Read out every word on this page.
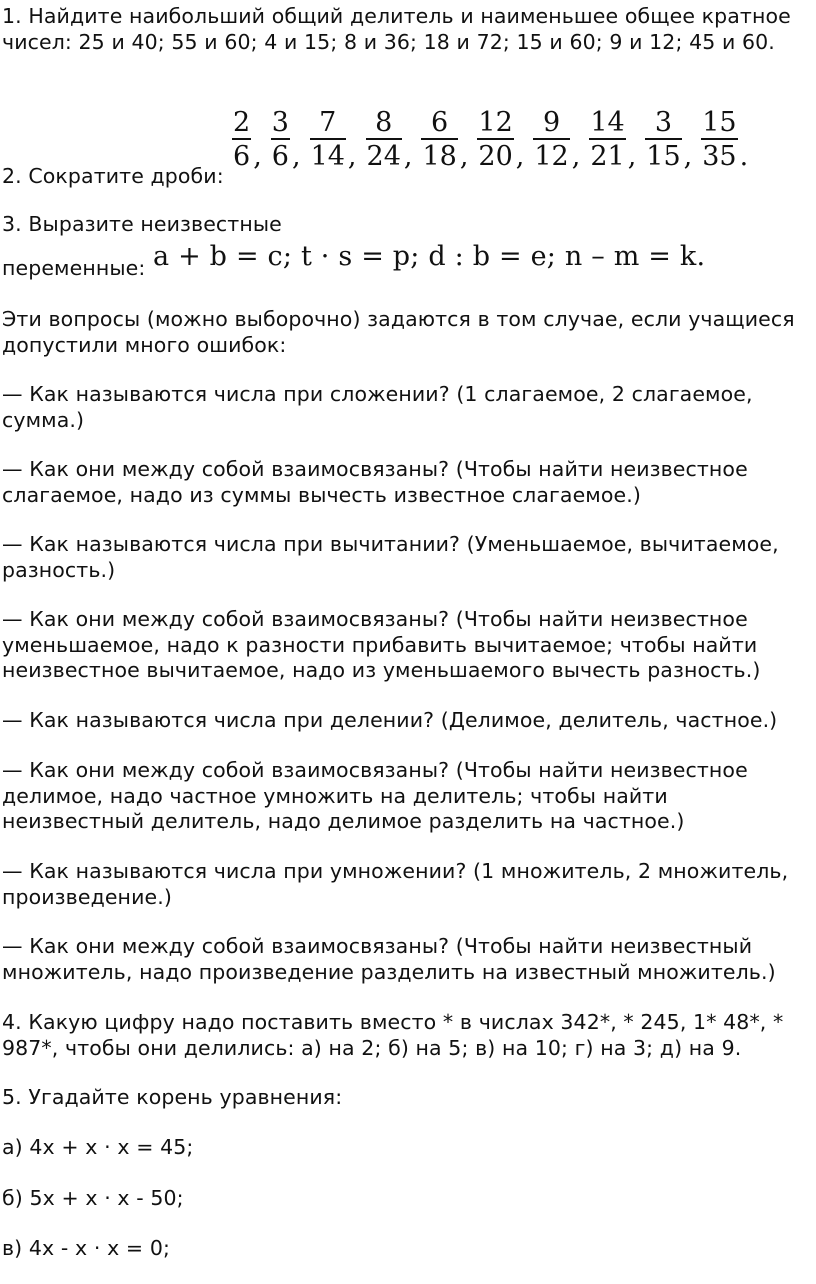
1. Найдите наибольший общий делитель и наименьшее общее кратное чисел: 25 и 40; 55 и 60; 4 и 15; 8 и 36; 18 и 72; 15 и 60; 9 и 12; 45 и 60.

$\frac{2}{6}$ , $\frac{3}{6}$ , $\frac{7}{14}$ , $\frac{8}{24}$ , $\frac{6}{18}$ , $\frac{12}{20}$ , $\frac{9}{12}$ , $\frac{14}{21}$ , $\frac{3}{15}$ , $\frac{15}{35}$ .

2. Сократите дроби:

3. Выразите неизвестные

переменные: a + b = c; t · s = p; d : b = e; n – m = k.

Эти вопросы (можно выборочно) задаются в том случае, если учащиеся допустили много ошибок:

— Как называются числа при сложении? (1 слагаемое, 2 слагаемое, сумма.)

— Как они между собой взаимосвязаны? (Чтобы найти неизвестное слагаемое, надо из суммы вычесть известное слагаемое.)

— Как называются числа при вычитании? (Уменьшаемое, вычитаемое, разность.)

— Как они между собой взаимосвязаны? (Чтобы найти неизвестное уменьшаемое, надо к разности прибавить вычитаемое; чтобы найти неизвестное вычитаемое, надо из уменьшаемого вычесть разность.)

— Как называются числа при делении? (Делимое, делитель, частное.)

— Как они между собой взаимосвязаны? (Чтобы найти неизвестное делимое, надо частное умножить на делитель; чтобы найти неизвестный делитель, надо делимое разделить на частное.)

— Как называются числа при умножении? (1 множитель, 2 множитель, произведение.)

— Как они между собой взаимосвязаны? (Чтобы найти неизвестный множитель, надо произведение разделить на известный множитель.)

4. Какую цифру надо поставить вместо * в числах 342*, * 245, 1* 48*, * 987*, чтобы они делились: а) на 2; б) на 5; в) на 10; г) на 3; д) на 9.

5. Угадайте корень уравнения:

а) 4х + х · х = 45;

б) 5х + х · х - 50;

в) 4х - х · х = 0;
